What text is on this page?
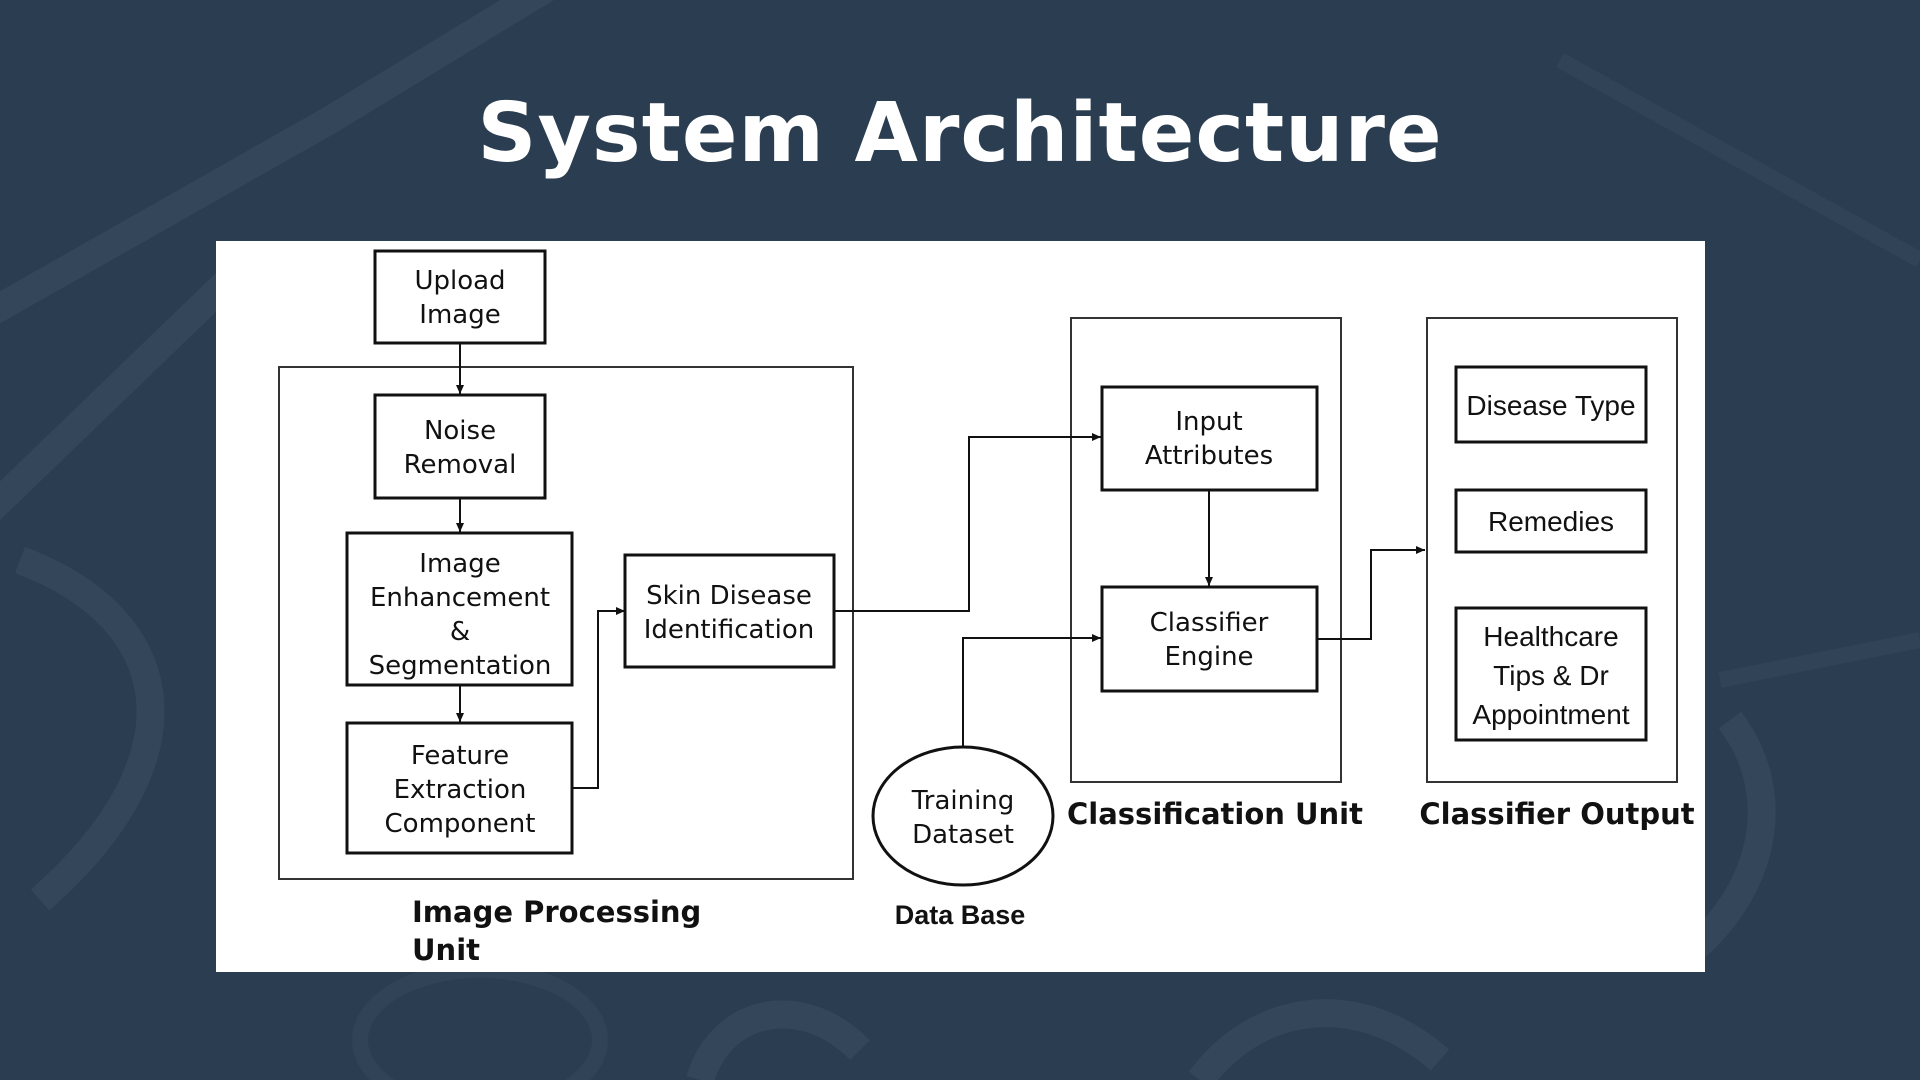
System Architecture
Upload
Image
Noise
Removal
Image
Enhancement
&
Segmentation
Feature
Extraction
Component
Skin Disease
Identification
Input
Attributes
Classifier
Engine
Training
Dataset
Disease Type
Remedies
Healthcare
Tips & Dr
Appointment
Image Processing
Unit
Data Base
Classification Unit Classifier Output
